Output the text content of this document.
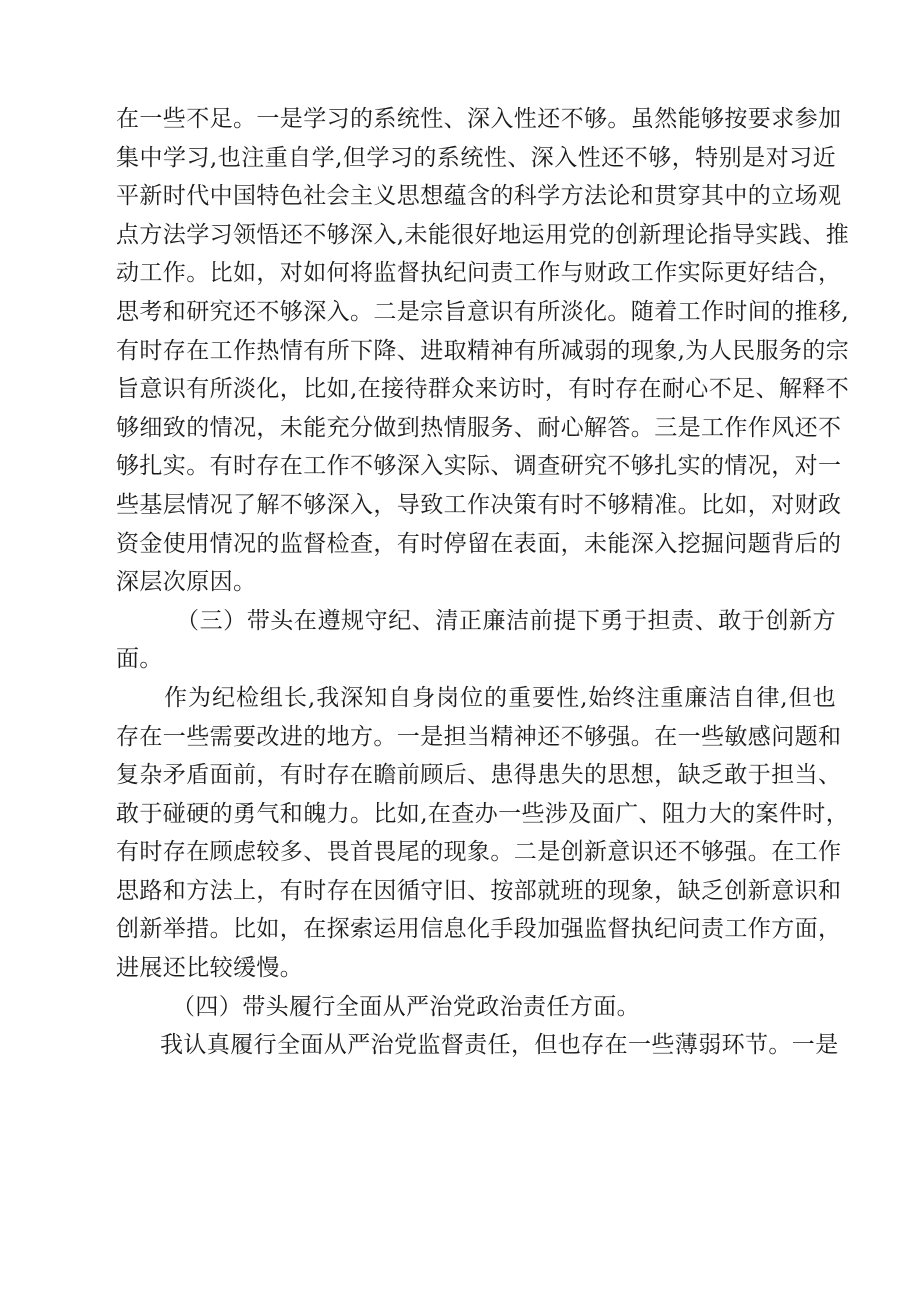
在一些不足。一是学习的系统性、深入性还不够。虽然能够按要求参加
集中学习,也注重自学,但学习的系统性、深入性还不够，特别是对习近
平新时代中国特色社会主义思想蕴含的科学方法论和贯穿其中的立场观
点方法学习领悟还不够深入,未能很好地运用党的创新理论指导实践、推
动工作。比如，对如何将监督执纪问责工作与财政工作实际更好结合，
思考和研究还不够深入。二是宗旨意识有所淡化。随着工作时间的推移,
有时存在工作热情有所下降、进取精神有所减弱的现象,为人民服务的宗
旨意识有所淡化，比如,在接待群众来访时，有时存在耐心不足、解释不
够细致的情况，未能充分做到热情服务、耐心解答。三是工作作风还不
够扎实。有时存在工作不够深入实际、调查研究不够扎实的情况，对一
些基层情况了解不够深入，导致工作决策有时不够精准。比如，对财政
资金使用情况的监督检查，有时停留在表面，未能深入挖掘问题背后的
深层次原因。
（三）带头在遵规守纪、清正廉洁前提下勇于担责、敢于创新方
面。
作为纪检组长,我深知自身岗位的重要性,始终注重廉洁自律,但也
存在一些需要改进的地方。一是担当精神还不够强。在一些敏感问题和
复杂矛盾面前，有时存在瞻前顾后、患得患失的思想，缺乏敢于担当、
敢于碰硬的勇气和魄力。比如,在查办一些涉及面广、阻力大的案件时，
有时存在顾虑较多、畏首畏尾的现象。二是创新意识还不够强。在工作
思路和方法上，有时存在因循守旧、按部就班的现象，缺乏创新意识和
创新举措。比如，在探索运用信息化手段加强监督执纪问责工作方面，
进展还比较缓慢。
（四）带头履行全面从严治党政治责任方面。
我认真履行全面从严治党监督责任，但也存在一些薄弱环节。一是
